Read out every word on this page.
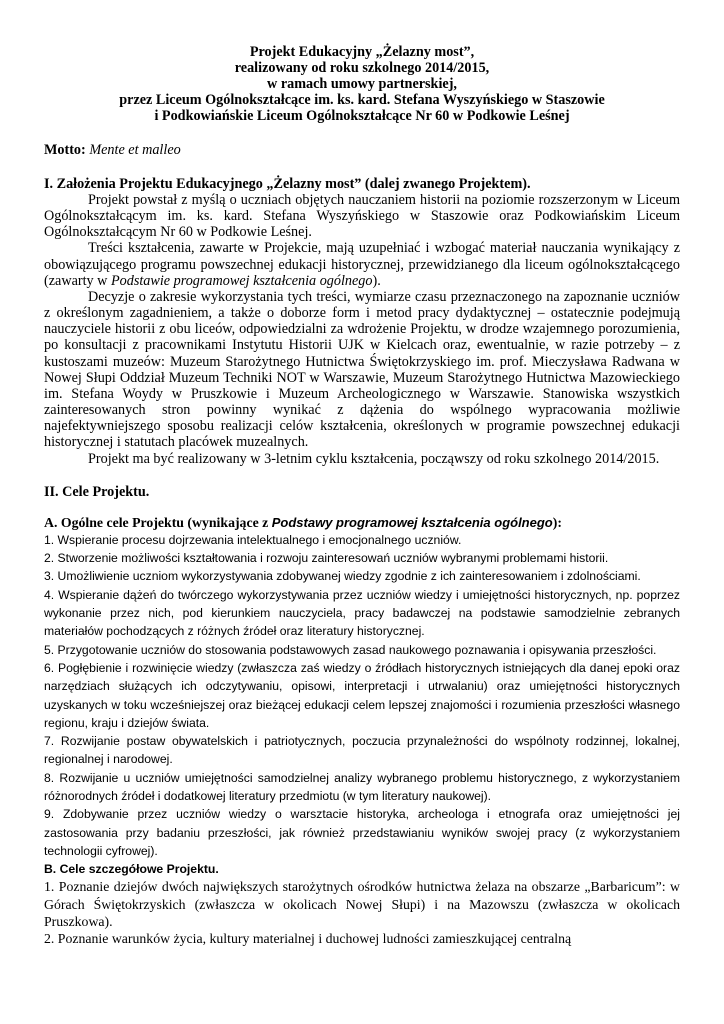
Projekt Edukacyjny „Żelazny most”,
realizowany od roku szkolnego 2014/2015,
w ramach umowy partnerskiej,
przez Liceum Ogólnokształcące im. ks. kard. Stefana Wyszyńskiego w Staszowie
i Podkowiańskie Liceum Ogólnokształcące Nr 60 w Podkowie Leśnej

Motto: Mente et malleo

I. Założenia Projektu Edukacyjnego „Żelazny most” (dalej zwanego Projektem).

Projekt powstał z myślą o uczniach objętych nauczaniem historii na poziomie rozszerzonym w Liceum Ogólnokształcącym im. ks. kard. Stefana Wyszyńskiego w Staszowie oraz Podkowiańskim Liceum Ogólnokształcącym Nr 60 w Podkowie Leśnej.

Treści kształcenia, zawarte w Projekcie, mają uzupełniać i wzbogać materiał nauczania wynikający z obowiązującego programu powszechnej edukacji historycznej, przewidzianego dla liceum ogólnokształcącego (zawarty w Podstawie programowej kształcenia ogólnego).

Decyzje o zakresie wykorzystania tych treści, wymiarze czasu przeznaczonego na zapoznanie uczniów z określonym zagadnieniem, a także o doborze form i metod pracy dydaktycznej – ostatecznie podejmują nauczyciele historii z obu liceów, odpowiedzialni za wdrożenie Projektu, w drodze wzajemnego porozumienia, po konsultacji z pracownikami Instytutu Historii UJK w Kielcach oraz, ewentualnie, w razie potrzeby – z kustoszami muzeów: Muzeum Starożytnego Hutnictwa Świętokrzyskiego im. prof. Mieczysława Radwana w Nowej Słupi Oddział Muzeum Techniki NOT w Warszawie, Muzeum Starożytnego Hutnictwa Mazowieckiego im. Stefana Woydy w Pruszkowie i Muzeum Archeologicznego w Warszawie. Stanowiska wszystkich zainteresowanych stron powinny wynikać z dążenia do wspólnego wypracowania możliwie najefektywniejszego sposobu realizacji celów kształcenia, określonych w programie powszechnej edukacji historycznej i statutach placówek muzealnych.

Projekt ma być realizowany w 3-letnim cyklu kształcenia, począwszy od roku szkolnego 2014/2015.

II. Cele Projektu.

A. Ogólne cele Projektu (wynikające z Podstawy programowej kształcenia ogólnego):

1. Wspieranie procesu dojrzewania intelektualnego i emocjonalnego uczniów.

2. Stworzenie możliwości kształtowania i rozwoju zainteresowań uczniów wybranymi problemami historii.

3. Umożliwienie uczniom wykorzystywania zdobywanej wiedzy zgodnie z ich zainteresowaniem i zdolnościami.

4. Wspieranie dążeń do twórczego wykorzystywania przez uczniów wiedzy i umiejętności historycznych, np. poprzez wykonanie przez nich, pod kierunkiem nauczyciela, pracy badawczej na podstawie samodzielnie zebranych materiałów pochodzących z różnych źródeł oraz literatury historycznej.

5. Przygotowanie uczniów do stosowania podstawowych zasad naukowego poznawania i opisywania przeszłości.

6. Pogłębienie i rozwinięcie wiedzy (zwłaszcza zaś wiedzy o źródłach historycznych istniejących dla danej epoki oraz narzędziach służących ich odczytywaniu, opisowi, interpretacji i utrwalaniu) oraz umiejętności historycznych uzyskanych w toku wcześniejszej oraz bieżącej edukacji celem lepszej znajomości i rozumienia przeszłości własnego regionu, kraju i dziejów świata.

7. Rozwijanie postaw obywatelskich i patriotycznych, poczucia przynależności do wspólnoty rodzinnej, lokalnej, regionalnej i narodowej.

8. Rozwijanie u uczniów umiejętności samodzielnej analizy wybranego problemu historycznego, z wykorzystaniem różnorodnych źródeł i dodatkowej literatury przedmiotu (w tym literatury naukowej).

9. Zdobywanie przez uczniów wiedzy o warsztacie historyka, archeologa i etnografa oraz umiejętności jej zastosowania przy badaniu przeszłości, jak również przedstawianiu wyników swojej pracy (z wykorzystaniem technologii cyfrowej).

B. Cele szczegółowe Projektu.

1. Poznanie dziejów dwóch największych starożytnych ośrodków hutnictwa żelaza na obszarze „Barbaricum”: w Górach Świętokrzyskich (zwłaszcza w okolicach Nowej Słupi) i na Mazowszu (zwłaszcza w okolicach Pruszkowa).

2. Poznanie warunków życia, kultury materialnej i duchowej ludności zamieszkującej centralną
